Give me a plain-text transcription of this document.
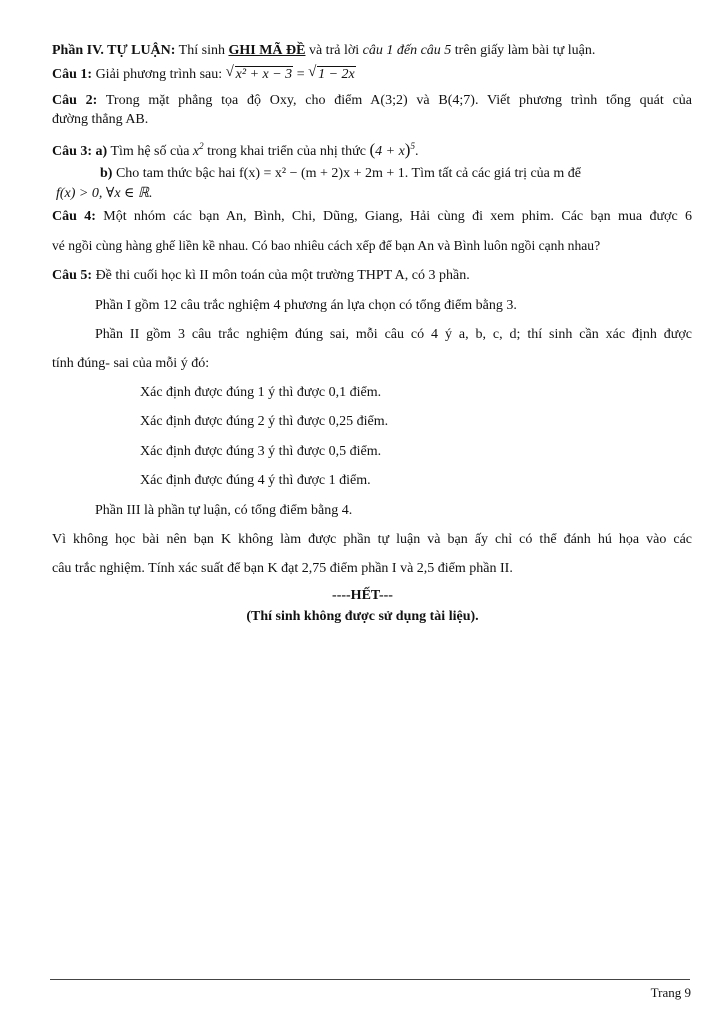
Phần IV. TỰ LUẬN: Thí sinh GHI MÃ ĐỀ và trả lời câu 1 đến câu 5 trên giấy làm bài tự luận.
Câu 1: Giải phương trình sau: √ x² + x − 3 = √ 1 − 2x
Câu 2: Trong mặt phẳng tọa độ Oxy, cho điểm A(3;2) và B(4;7). Viết phương trình tổng quát của
đường thẳng AB.
Câu 3: a) Tìm hệ số của $x^2$ trong khai triển của nhị thức $(4 + x)^5$.
b) Cho tam thức bậc hai f(x) = x² − (m + 2)x + 2m + 1. Tìm tất cả các giá trị của m để
f(x) > 0, ∀x ∈ ℝ.
Câu 4: Một nhóm các bạn An, Bình, Chi, Dũng, Giang, Hải cùng đi xem phim. Các bạn mua được 6
vé ngồi cùng hàng ghế liền kề nhau. Có bao nhiêu cách xếp để bạn An và Bình luôn ngồi cạnh nhau?
Câu 5: Đề thi cuối học kì II môn toán của một trường THPT A, có 3 phần.
Phần I gồm 12 câu trắc nghiệm 4 phương án lựa chọn có tổng điểm bằng 3.
Phần II gồm 3 câu trắc nghiệm đúng sai, mỗi câu có 4 ý a, b, c, d; thí sinh cần xác định được
tính đúng- sai của mỗi ý đó:
Xác định được đúng 1 ý thì được 0,1 điểm.
Xác định được đúng 2 ý thì được 0,25 điểm.
Xác định được đúng 3 ý thì được 0,5 điểm.
Xác định được đúng 4 ý thì được 1 điểm.
Phần III là phần tự luận, có tổng điểm bằng 4.
Vì không học bài nên bạn K không làm được phần tự luận và bạn ấy chỉ có thể đánh hú họa vào các
câu trắc nghiệm. Tính xác suất để bạn K đạt 2,75 điểm phần I và 2,5 điểm phần II.
----HẾT---
(Thí sinh không được sử dụng tài liệu).
Trang 9
